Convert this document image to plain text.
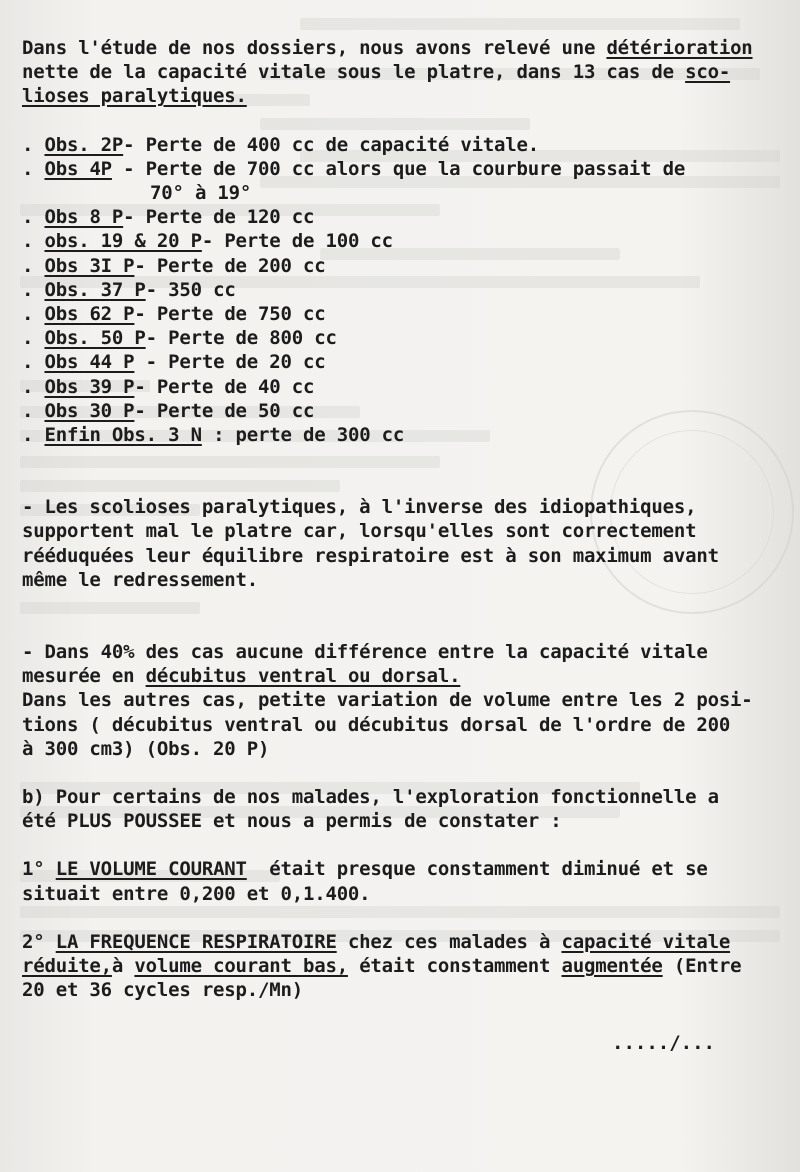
Dans l'étude de nos dossiers, nous avons relevé une détérioration

nette de la capacité vitale sous le platre, dans 13 cas de sco-

lioses paralytiques.

. Obs. 2P- Perte de 400 cc de capacité vitale.

. Obs 4P - Perte de 700 cc alors que la courbure passait de

70° à 19°

. Obs 8 P- Perte de 120 cc

. obs. 19 & 20 P- Perte de 100 cc

. Obs 3I P- Perte de 200 cc

. Obs. 37 P- 350 cc

. Obs 62 P- Perte de 750 cc

. Obs. 50 P- Perte de 800 cc

. Obs 44 P - Perte de 20 cc

. Obs 39 P- Perte de 40 cc

. Obs 30 P- Perte de 50 cc

. Enfin Obs. 3 N : perte de 300 cc

- Les scolioses paralytiques, à l'inverse des idiopathiques,

supportent mal le platre car, lorsqu'elles sont correctement

rééduquées leur équilibre respiratoire est à son maximum avant

même le redressement.

- Dans 40% des cas aucune différence entre la capacité vitale

mesurée en décubitus ventral ou dorsal.

Dans les autres cas, petite variation de volume entre les 2 posi-

tions ( décubitus ventral ou décubitus dorsal de l'ordre de 200

à 300 cm3) (Obs. 20 P)

b) Pour certains de nos malades, l'exploration fonctionnelle a

été PLUS POUSSEE et nous a permis de constater :

1° LE VOLUME COURANT  était presque constamment diminué et se

situait entre 0,200 et 0,1.400.

2° LA FREQUENCE RESPIRATOIRE chez ces malades à capacité vitale

réduite,à volume courant bas, était constamment augmentée (Entre

20 et 36 cycles resp./Mn)

...../...
